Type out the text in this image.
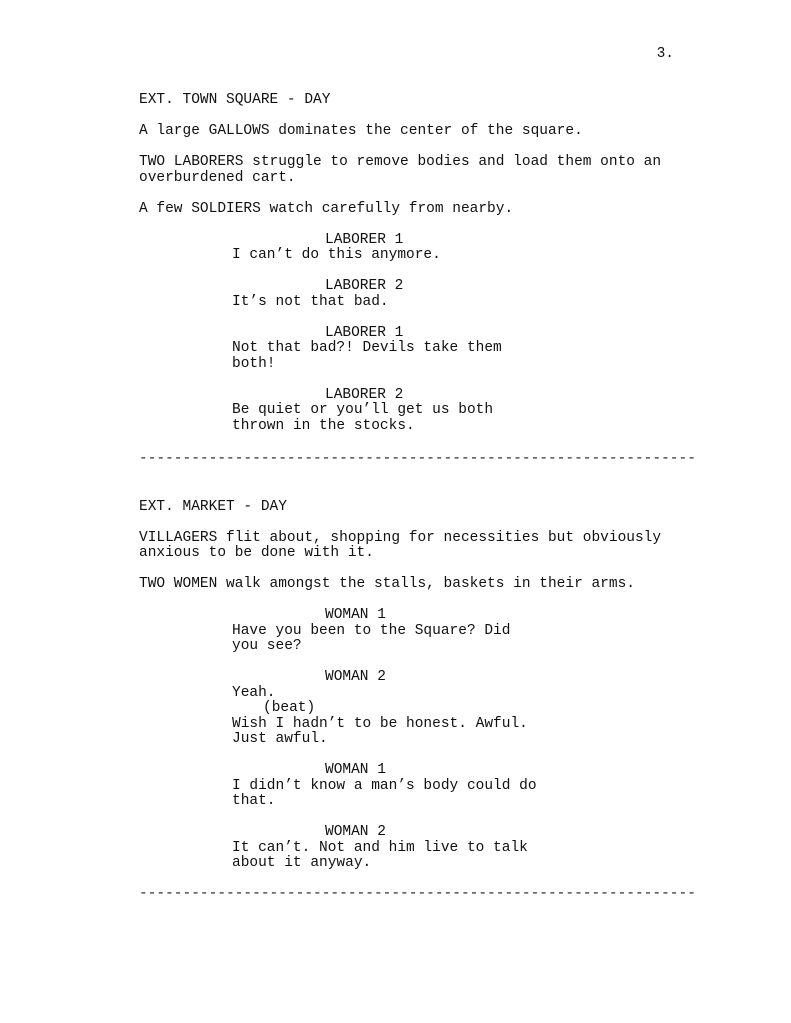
3.
EXT. TOWN SQUARE - DAY
A large GALLOWS dominates the center of the square.
TWO LABORERS struggle to remove bodies and load them onto an
overburdened cart.
A few SOLDIERS watch carefully from nearby.
LABORER 1
I can’t do this anymore.
LABORER 2
It’s not that bad.
LABORER 1
Not that bad?! Devils take them
both!
LABORER 2
Be quiet or you’ll get us both
thrown in the stocks.
----------------------------------------------------------------
EXT. MARKET - DAY
VILLAGERS flit about, shopping for necessities but obviously
anxious to be done with it.
TWO WOMEN walk amongst the stalls, baskets in their arms.
WOMAN 1
Have you been to the Square? Did
you see?
WOMAN 2
Yeah.
(beat)
Wish I hadn’t to be honest. Awful.
Just awful.
WOMAN 1
I didn’t know a man’s body could do
that.
WOMAN 2
It can’t. Not and him live to talk
about it anyway.
----------------------------------------------------------------
